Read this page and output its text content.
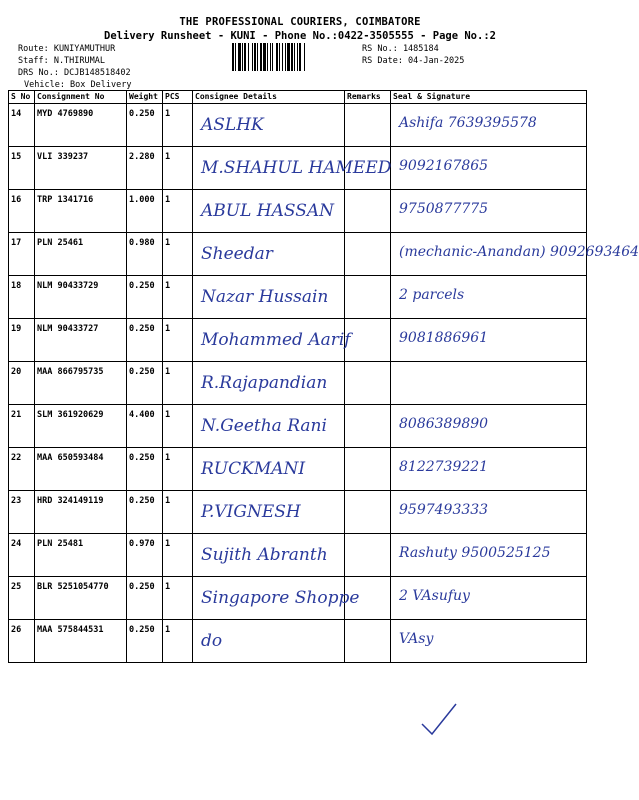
THE PROFESSIONAL COURIERS, COIMBATORE
Delivery Runsheet - KUNI - Phone No.:0422-3505555 - Page No.:2
Route: KUNIYAMUTHUR
Staff: N.THIRUMAL
DRS No.: DCJB148518402
Vehicle: Box Delivery
RS No.: 1485184
RS Date: 04-Jan-2025
S No	Consignment No	Weight	PCS	Consignee Details	Remarks	Seal & Signature
14	MYD 4769890	0.250	1	ASLHK		Ashifa 7639395578

15	VLI 339237	2.280	1	M.SHAHUL HAMEED		9092167865

16	TRP 1341716	1.000	1	ABUL HASSAN		9750877775

17	PLN 25461	0.980	1	Sheedar		(mechanic-Anandan) 9092693464

18	NLM 90433729	0.250	1	Nazar Hussain		2 parcels

19	NLM 90433727	0.250	1	Mohammed Aarif		9081886961

20	MAA 866795735	0.250	1	R.Rajapandian		

21	SLM 361920629	4.400	1	N.Geetha Rani		8086389890

22	MAA 650593484	0.250	1	RUCKMANI		8122739221

23	HRD 324149119	0.250	1	P.VIGNESH		9597493333

24	PLN 25481	0.970	1	Sujith Abranth		Rashuty 9500525125

25	BLR 5251054770	0.250	1	Singapore Shoppe		2 VAsufuy

26	MAA 575844531	0.250	1	do		VAsy
